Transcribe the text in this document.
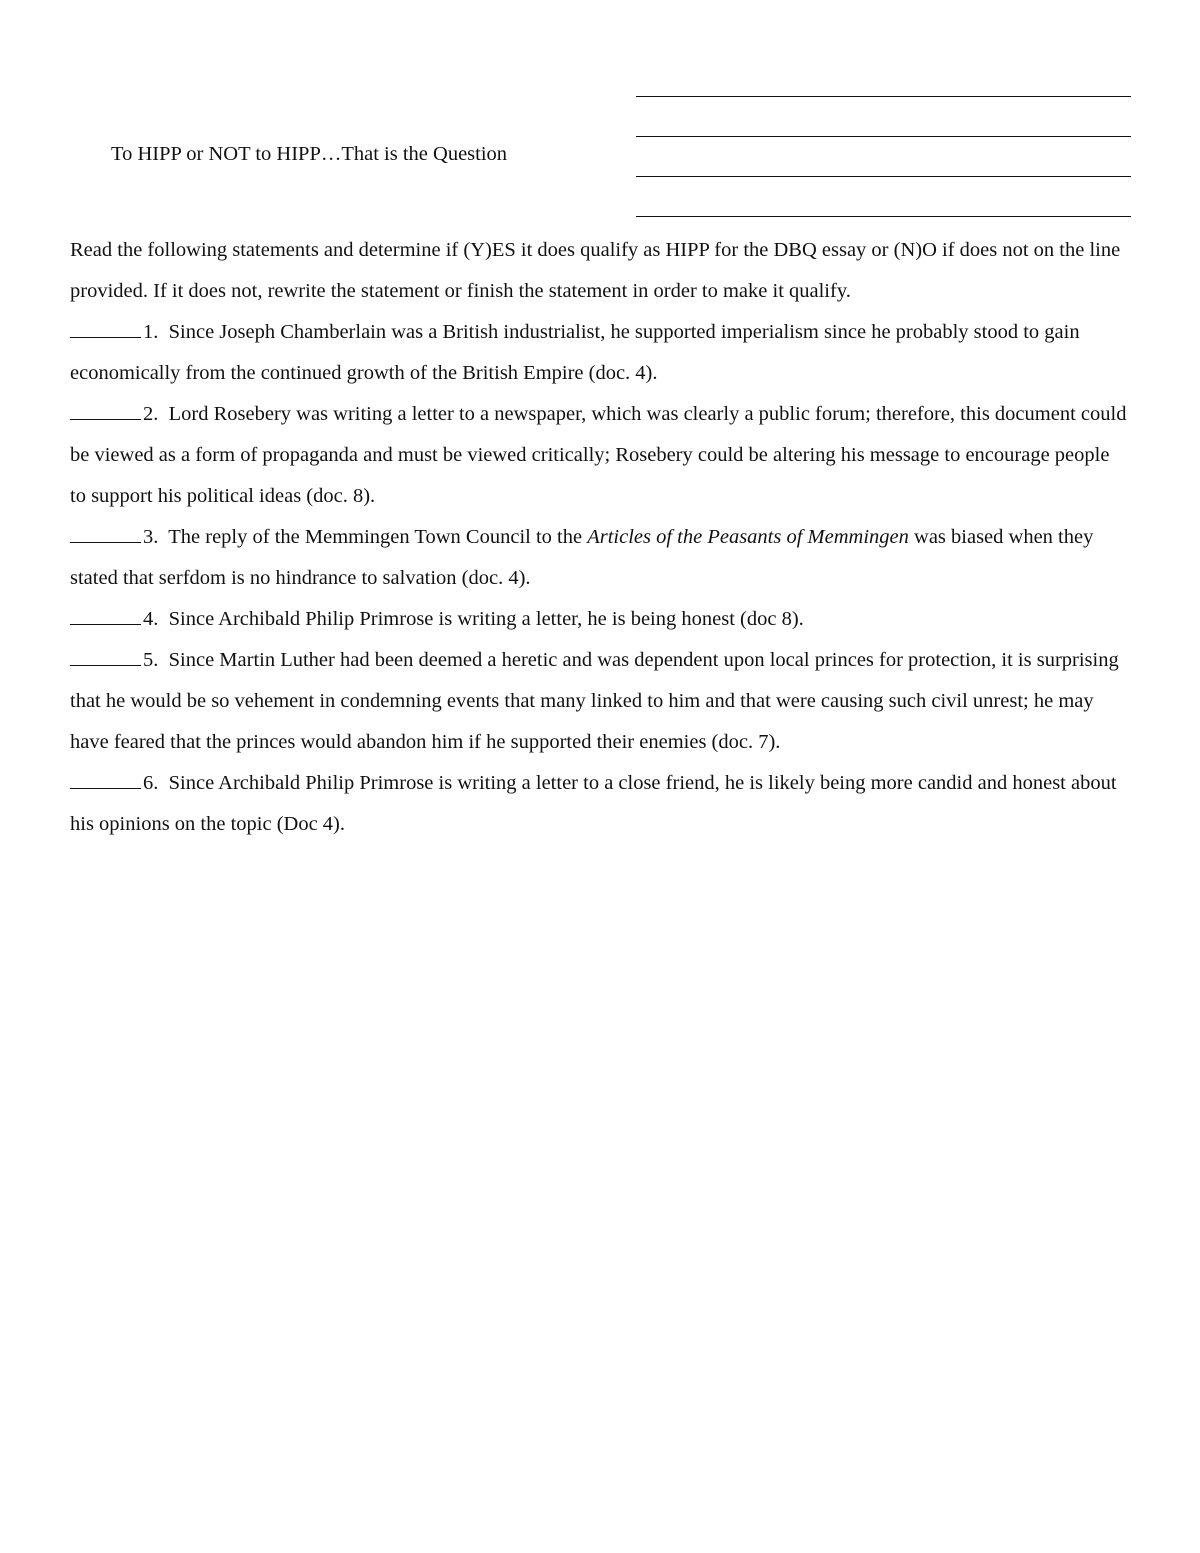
To HIPP or NOT to HIPP…That is the Question

Read the following statements and determine if (Y)ES it does qualify as HIPP for the DBQ essay or (N)O if does not on the line provided. If it does not, rewrite the statement or finish the statement in order to make it qualify.

1. Since Joseph Chamberlain was a British industrialist, he supported imperialism since he probably stood to gain economically from the continued growth of the British Empire (doc. 4).

2. Lord Rosebery was writing a letter to a newspaper, which was clearly a public forum; therefore, this document could be viewed as a form of propaganda and must be viewed critically; Rosebery could be altering his message to encourage people to support his political ideas (doc. 8).

3. The reply of the Memmingen Town Council to the Articles of the Peasants of Memmingen was biased when they stated that serfdom is no hindrance to salvation (doc. 4).

4. Since Archibald Philip Primrose is writing a letter, he is being honest (doc 8).

5. Since Martin Luther had been deemed a heretic and was dependent upon local princes for protection, it is surprising that he would be so vehement in condemning events that many linked to him and that were causing such civil unrest; he may have feared that the princes would abandon him if he supported their enemies (doc. 7).

6. Since Archibald Philip Primrose is writing a letter to a close friend, he is likely being more candid and honest about his opinions on the topic (Doc 4).
